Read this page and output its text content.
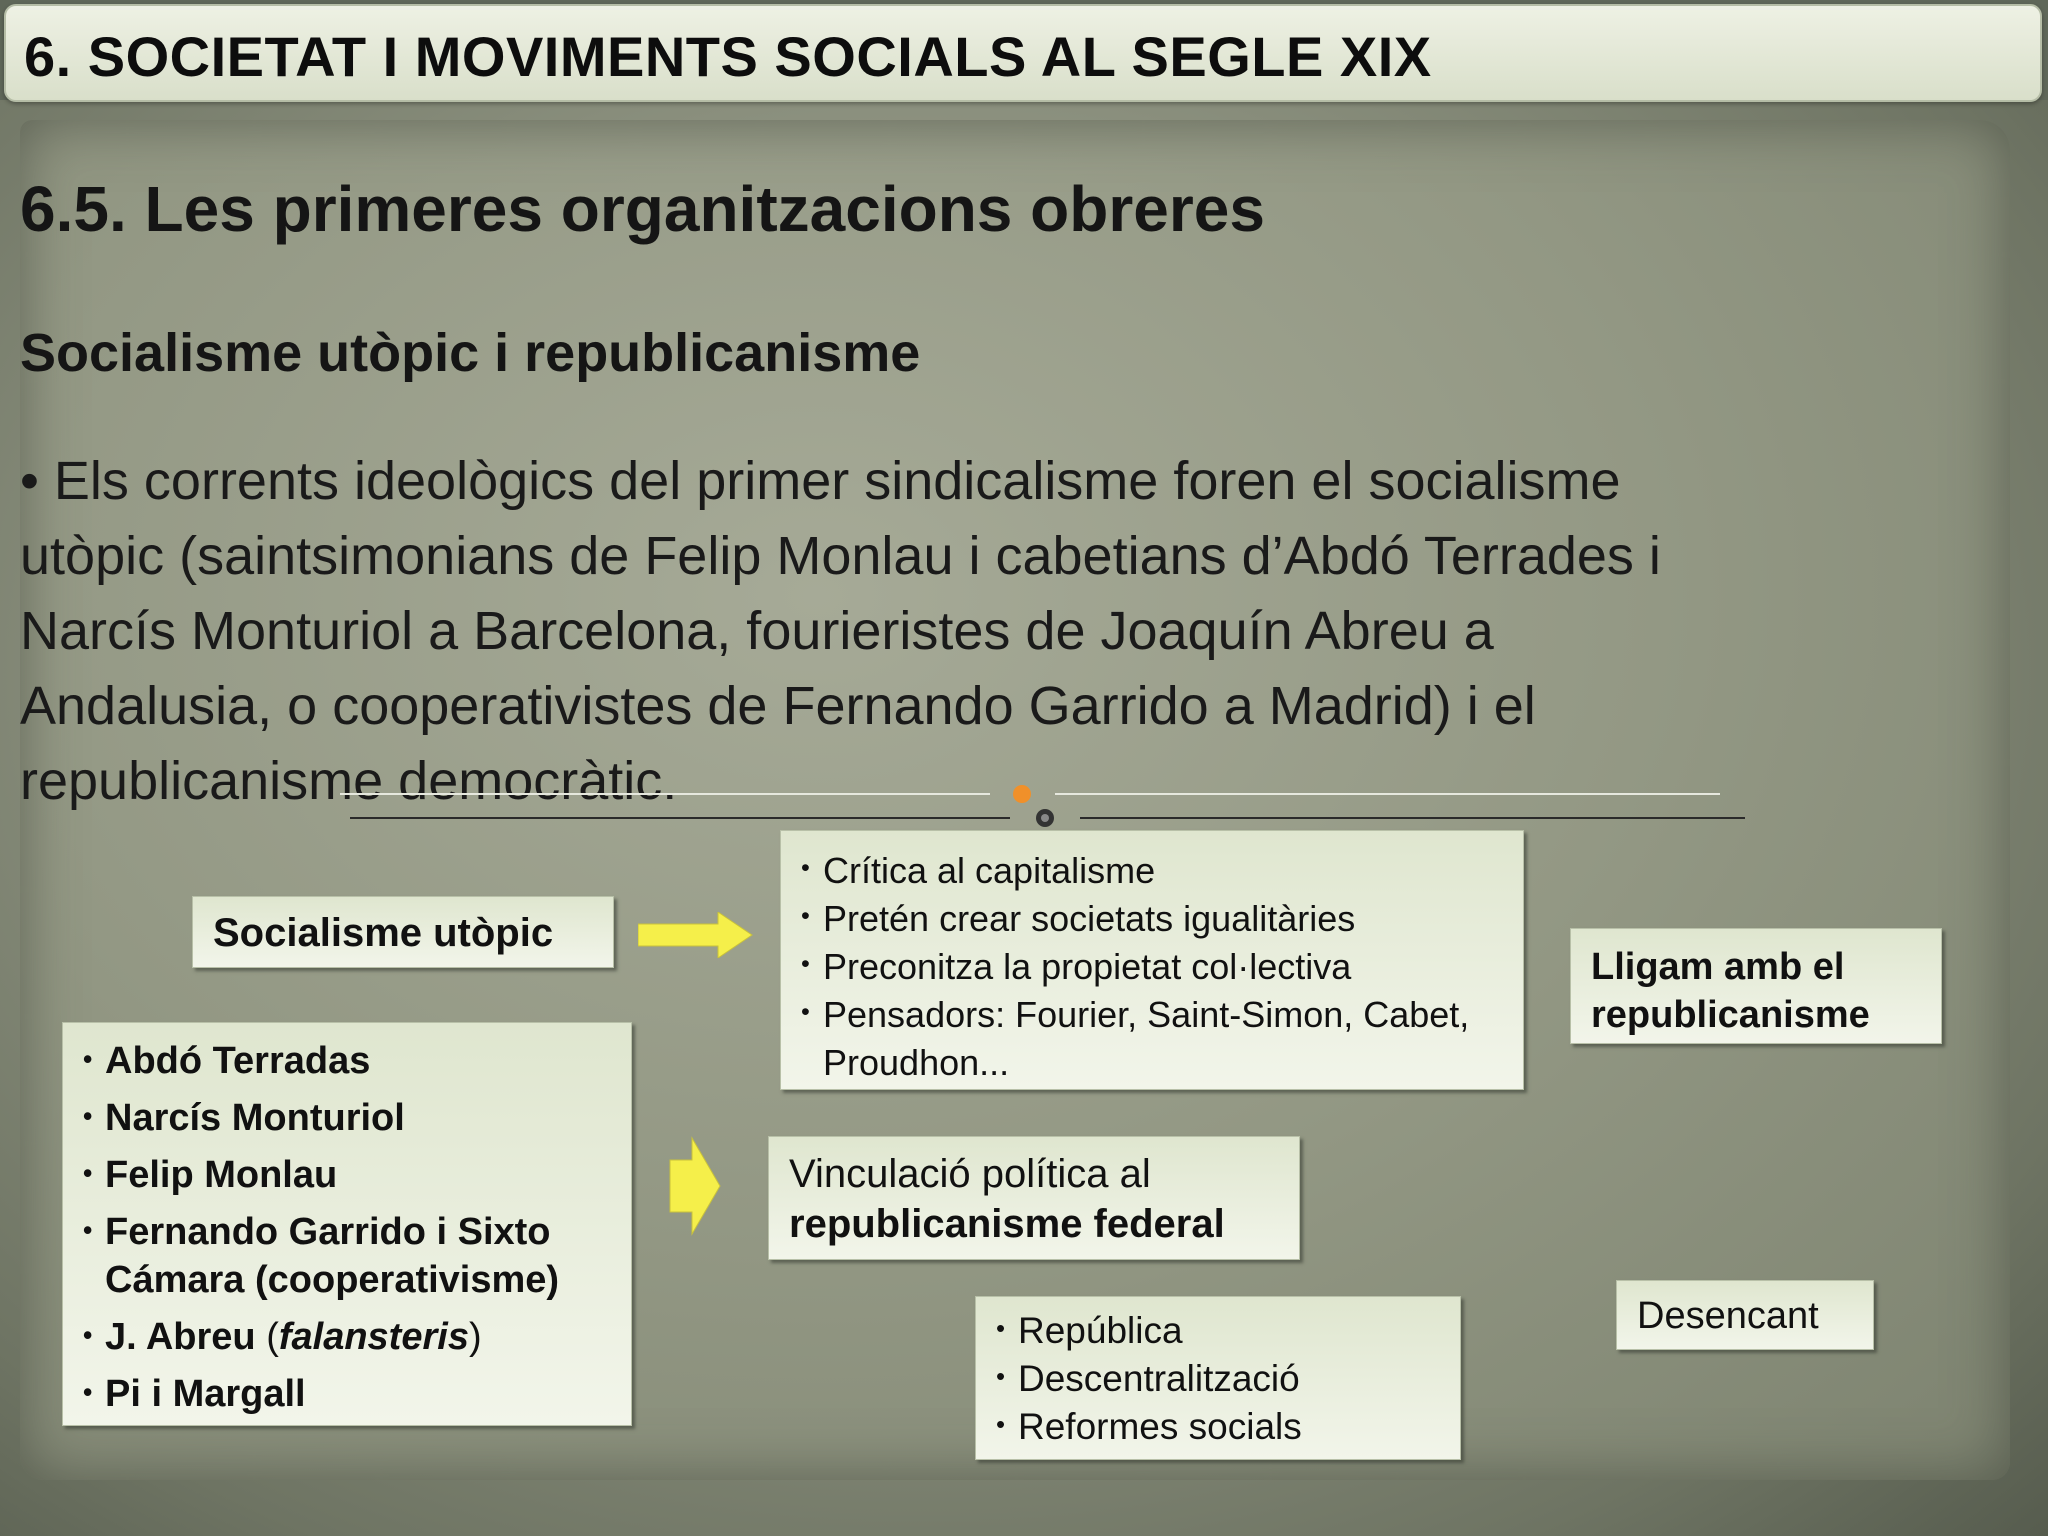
6. SOCIETAT I MOVIMENTS SOCIALS AL SEGLE XIX
6.5. Les primeres organitzacions obreres
Socialisme utòpic i republicanisme
• Els corrents ideològics del primer sindicalisme foren el socialisme
utòpic (saintsimonians de Felip Monlau i cabetians d’Abdó Terrades i
Narcís Monturiol a Barcelona, fourieristes de Joaquín Abreu a
Andalusia, o cooperativistes de Fernando Garrido a Madrid) i el
republicanisme democràtic.
Socialisme utòpic
• Crítica al capitalisme
• Pretén crear societats igualitàries
• Preconitza la propietat col·lectiva
• Pensadors: Fourier, Saint-Simon, Cabet, Proudhon...
Lligam amb el republicanisme
• Abdó Terradas
• Narcís Monturiol
• Felip Monlau
• Fernando Garrido i Sixto Cámara (cooperativisme)
• J. Abreu (falansteris)
• Pi i Margall
Vinculació política al
republicanisme federal
• República
• Descentralització
• Reformes socials
Desencant
